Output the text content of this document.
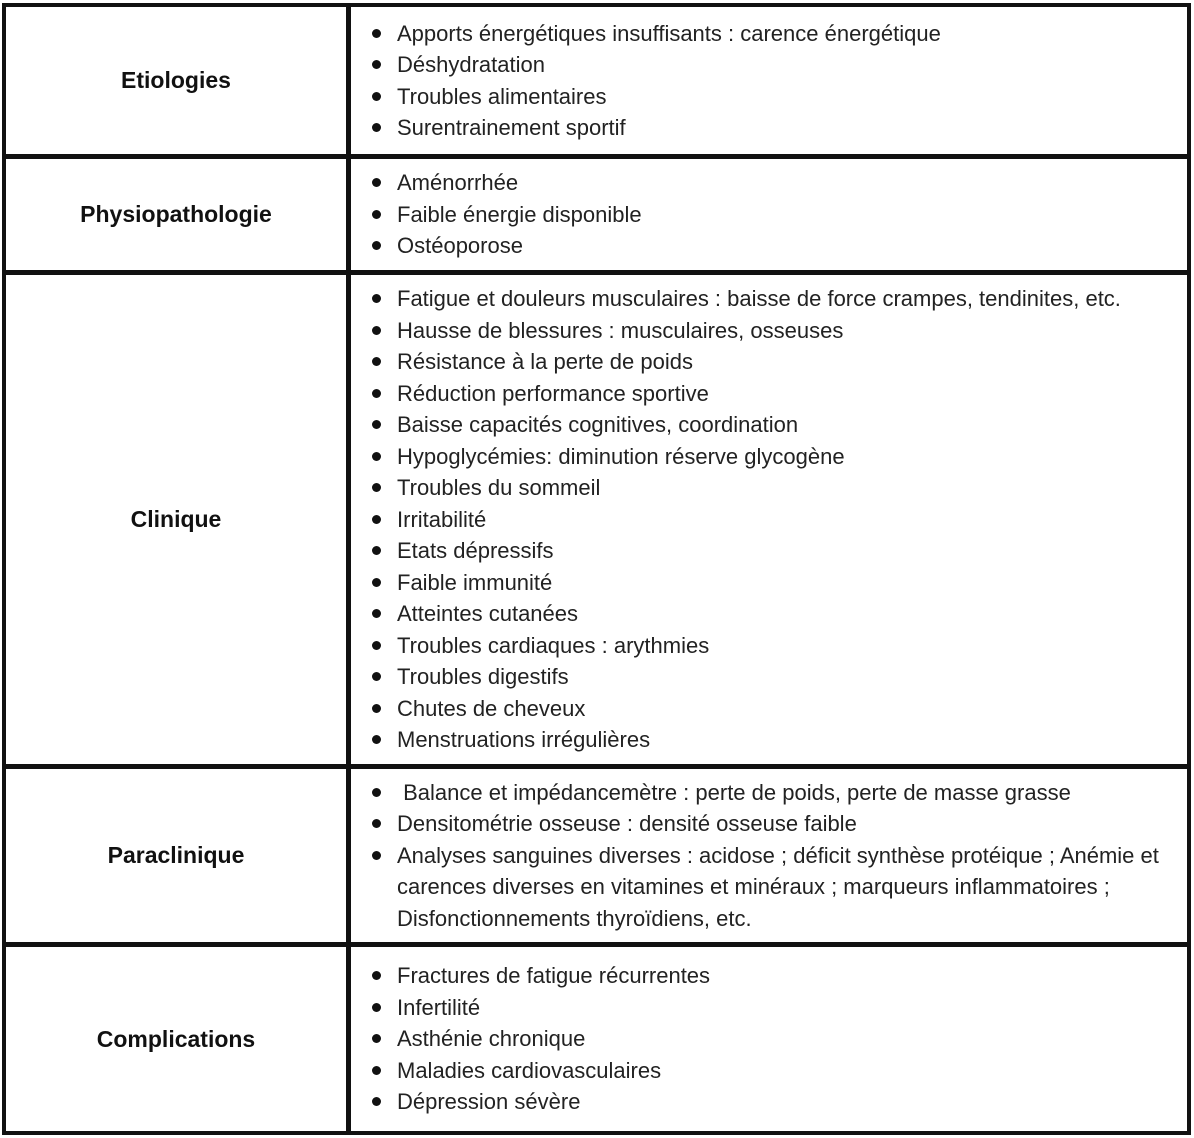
Etiologies
Apports énergétiques insuffisants : carence énergétique
Déshydratation
Troubles alimentaires
Surentrainement sportif
Physiopathologie
Aménorrhée
Faible énergie disponible
Ostéoporose
Clinique
Fatigue et douleurs musculaires : baisse de force crampes, tendinites, etc.
Hausse de blessures : musculaires, osseuses
Résistance à la perte de poids
Réduction performance sportive
Baisse capacités cognitives, coordination
Hypoglycémies: diminution réserve glycogène
Troubles du sommeil
Irritabilité
Etats dépressifs
Faible immunité
Atteintes cutanées
Troubles cardiaques : arythmies
Troubles digestifs
Chutes de cheveux
Menstruations irrégulières
Paraclinique
Balance et impédancemètre : perte de poids, perte de masse grasse
Densitométrie osseuse : densité osseuse faible
Analyses sanguines diverses : acidose ; déficit synthèse protéique ; Anémie et carences diverses en vitamines et minéraux ; marqueurs inflammatoires ; Disfonctionnements thyroïdiens, etc.
Complications
Fractures de fatigue récurrentes
Infertilité
Asthénie chronique
Maladies cardiovasculaires
Dépression sévère
